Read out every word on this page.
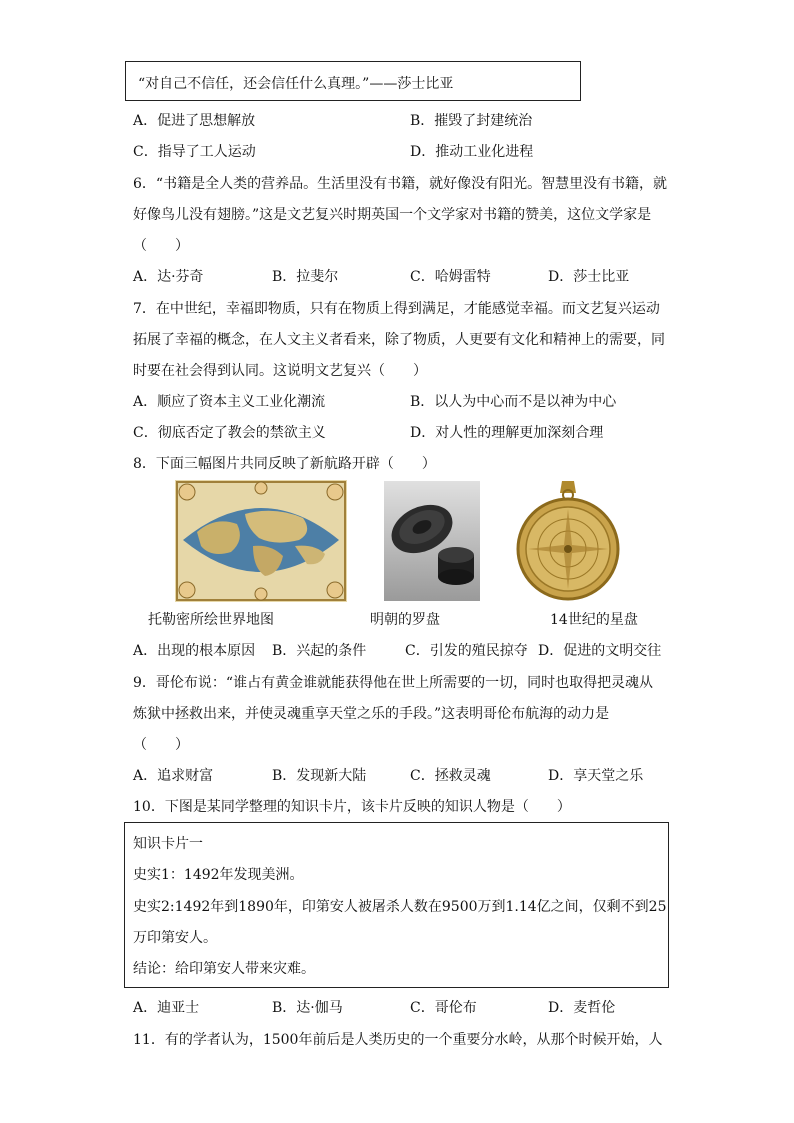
“对自己不信任，还会信任什么真理。”——莎士比亚
A．促进了思想解放	B．摧毁了封建统治
C．指导了工人运动	D．推动工业化进程
6．“书籍是全人类的营养品。生活里没有书籍，就好像没有阳光。智慧里没有书籍，就
好像鸟儿没有翅膀。”这是文艺复兴时期英国一个文学家对书籍的赞美，这位文学家是
（　　）
A．达·芬奇	B．拉斐尔	C．哈姆雷特	D．莎士比亚
7．在中世纪，幸福即物质，只有在物质上得到满足，才能感觉幸福。而文艺复兴运动
拓展了幸福的概念，在人文主义者看来，除了物质，人更要有文化和精神上的需要，同
时要在社会得到认同。这说明文艺复兴（　　）
A．顺应了资本主义工业化潮流	B．以人为中心而不是以神为中心
C．彻底否定了教会的禁欲主义	D．对人性的理解更加深刻合理
8．下面三幅图片共同反映了新航路开辟（　　）
托勒密所绘世界地图	明朝的罗盘	14世纪的星盘
A．出现的根本原因 B．兴起的条件	C．引发的殖民掠夺 D．促进的文明交往
9．哥伦布说：“谁占有黄金谁就能获得他在世上所需要的一切，同时也取得把灵魂从
炼狱中拯救出来，并使灵魂重享天堂之乐的手段。”这表明哥伦布航海的动力是
（　　）
A．追求财富	B．发现新大陆	C．拯救灵魂	D．享天堂之乐
10．下图是某同学整理的知识卡片，该卡片反映的知识人物是（　　）
知识卡片一
史实1：1492年发现美洲。
史实2:1492年到1890年，印第安人被屠杀人数在9500万到1.14亿之间，仅剩不到25
万印第安人。
结论：给印第安人带来灾难。
A．迪亚士	B．达·伽马	C．哥伦布	D．麦哲伦
11．有的学者认为，1500年前后是人类历史的一个重要分水岭，从那个时候开始，人
